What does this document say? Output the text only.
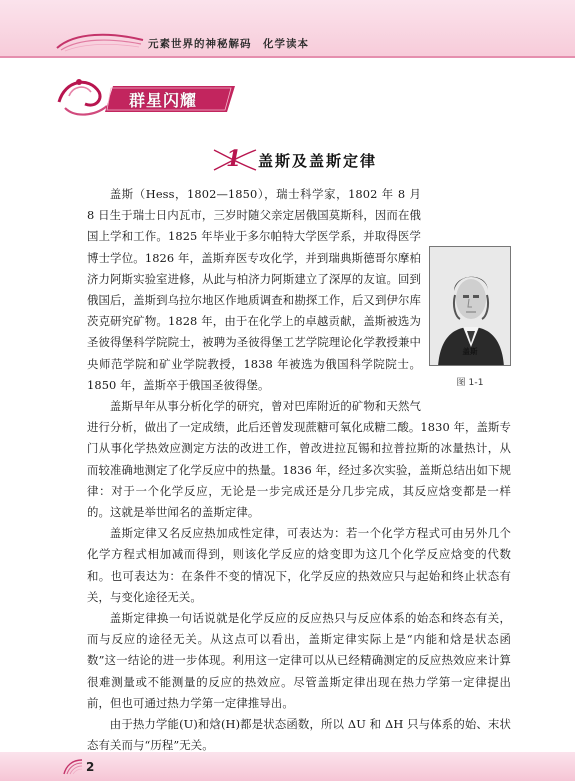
元素世界的神秘解码　化学读本
群星闪耀
1 盖斯及盖斯定律
盖斯
图 1-1

盖斯（Hess，1802—1850），瑞士科学家，1802 年 8 月 8 日生于瑞士日内瓦市，三岁时随父亲定居俄国莫斯科，因而在俄国上学和工作。1825 年毕业于多尔帕特大学医学系，并取得医学博士学位。1826 年，盖斯弃医专攻化学，并到瑞典斯德哥尔摩柏济力阿斯实验室进修，从此与柏济力阿斯建立了深厚的友谊。回到俄国后，盖斯到乌拉尔地区作地质调查和勘探工作，后又到伊尔库茨克研究矿物。1828 年，由于在化学上的卓越贡献，盖斯被选为圣彼得堡科学院院士，被聘为圣彼得堡工艺学院理论化学教授兼中央师范学院和矿业学院教授，1838 年被选为俄国科学院院士。1850 年，盖斯卒于俄国圣彼得堡。

盖斯早年从事分析化学的研究，曾对巴库附近的矿物和天然气进行分析，做出了一定成绩，此后还曾发现蔗糖可氧化成糖二酸。1830 年，盖斯专门从事化学热效应测定方法的改进工作，曾改进拉瓦锡和拉普拉斯的冰量热计，从而较准确地测定了化学反应中的热量。1836 年，经过多次实验，盖斯总结出如下规律：对于一个化学反应，无论是一步完成还是分几步完成，其反应焓变都是一样的。这就是举世闻名的盖斯定律。

盖斯定律又名反应热加成性定律，可表达为：若一个化学方程式可由另外几个化学方程式相加减而得到，则该化学反应的焓变即为这几个化学反应焓变的代数和。也可表达为：在条件不变的情况下，化学反应的热效应只与起始和终止状态有关，与变化途径无关。

盖斯定律换一句话说就是化学反应的反应热只与反应体系的始态和终态有关，而与反应的途径无关。从这点可以看出，盖斯定律实际上是“内能和焓是状态函数”这一结论的进一步体现。利用这一定律可以从已经精确测定的反应热效应来计算很难测量或不能测量的反应的热效应。尽管盖斯定律出现在热力学第一定律提出前，但也可通过热力学第一定律推导出。

由于热力学能(U)和焓(H)都是状态函数，所以 ΔU 和 ΔH 只与体系的始、末状态有关而与“历程”无关。

2
